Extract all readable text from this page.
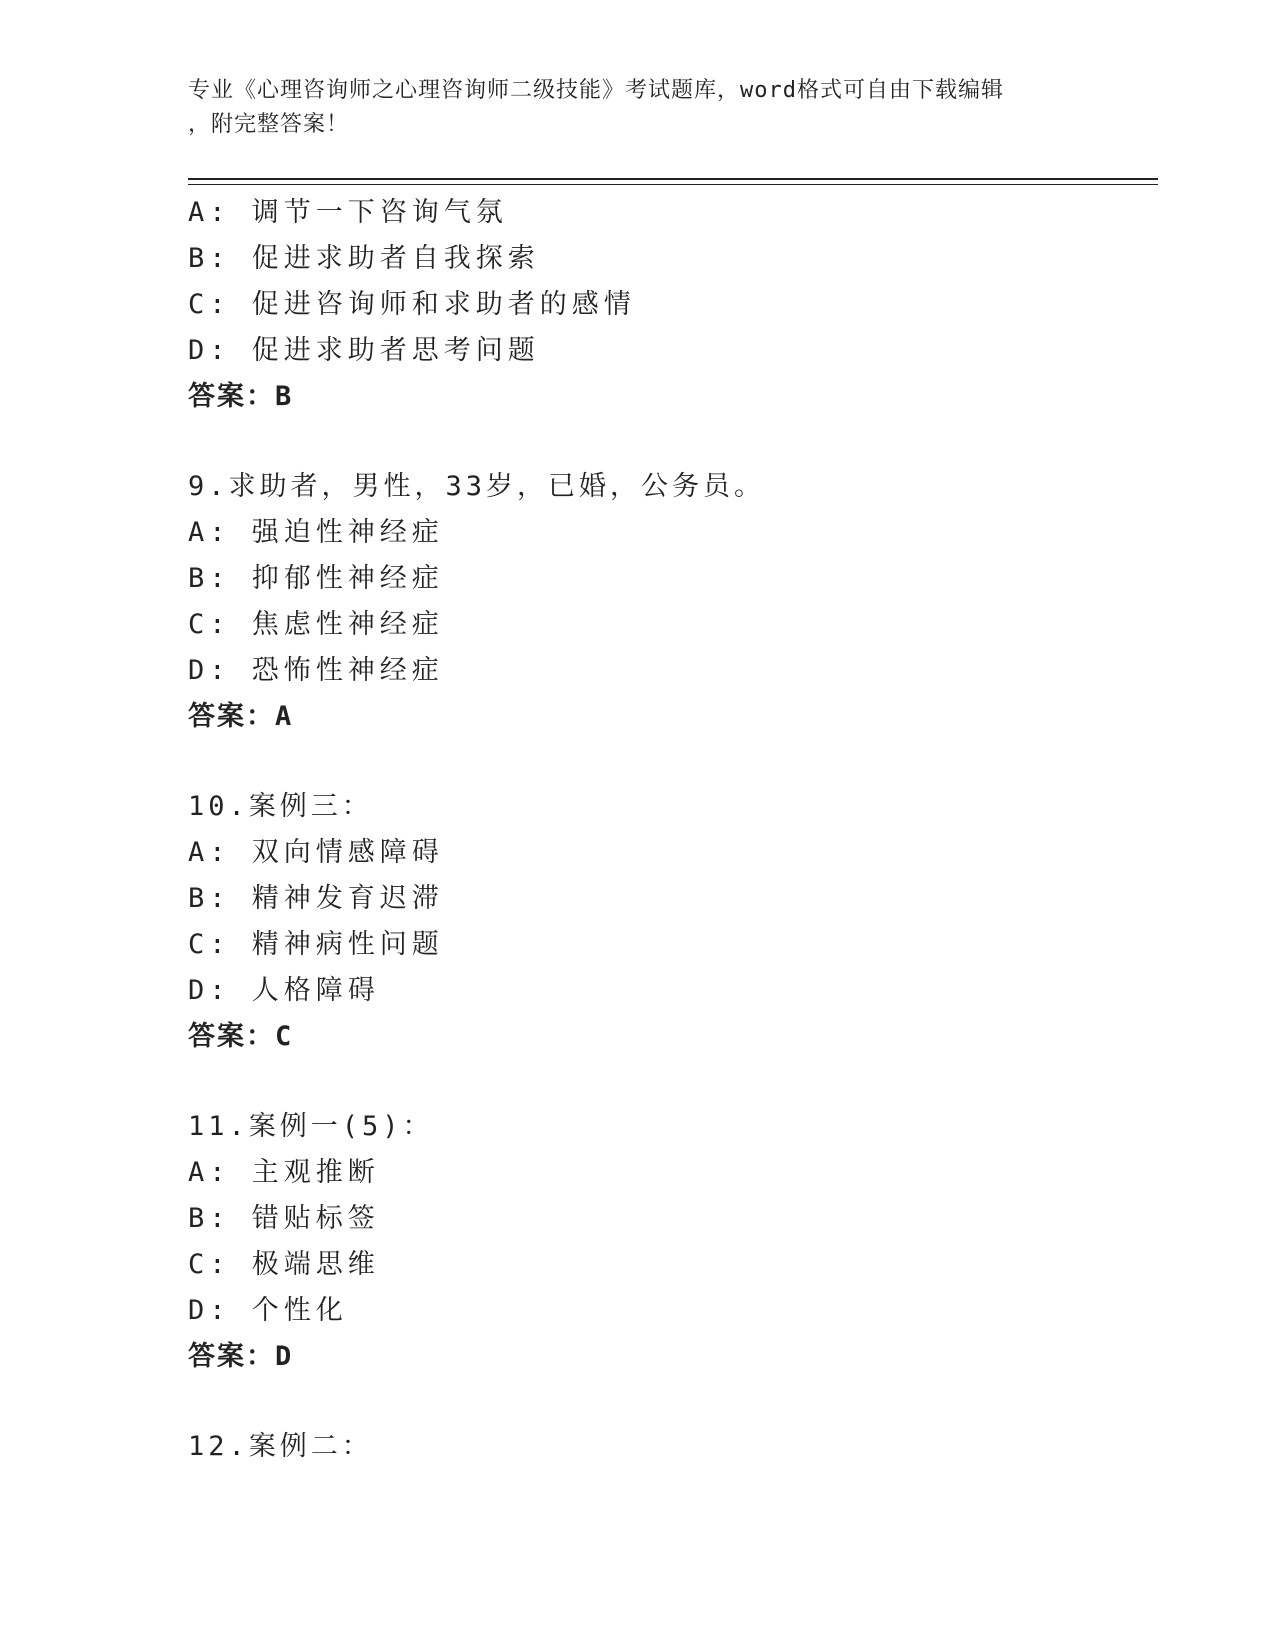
专业《心理咨询师之心理咨询师二级技能》考试题库，word格式可自由下载编辑
，附完整答案！
A: 调节一下咨询气氛
B: 促进求助者自我探索
C: 促进咨询师和求助者的感情
D: 促进求助者思考问题
答案：B
9.求助者，男性，33岁，已婚，公务员。
A: 强迫性神经症
B: 抑郁性神经症
C: 焦虑性神经症
D: 恐怖性神经症
答案：A
10.案例三：
A: 双向情感障碍
B: 精神发育迟滞
C: 精神病性问题
D: 人格障碍
答案：C
11.案例一(5)：
A: 主观推断
B: 错贴标签
C: 极端思维
D: 个性化
答案：D
12.案例二：
